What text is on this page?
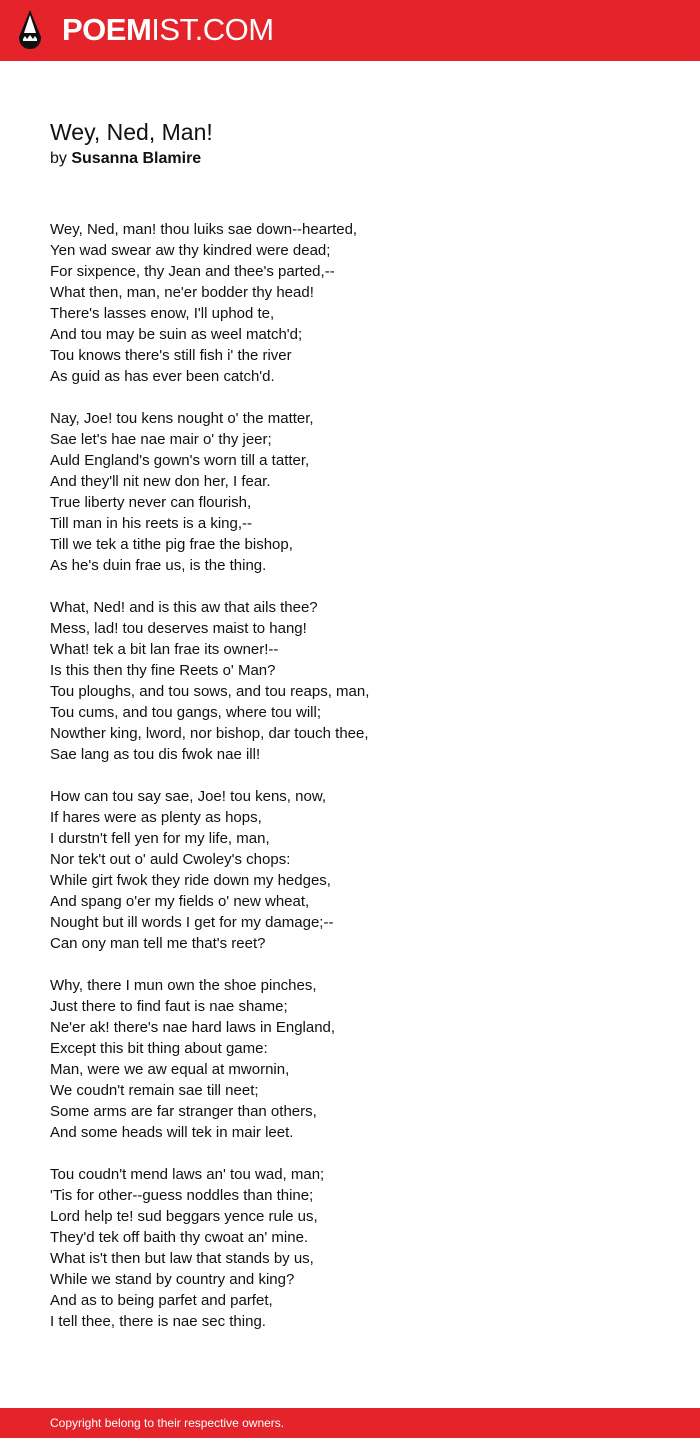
POEMIST.COM
Wey, Ned, Man!
by Susanna Blamire
Wey, Ned, man! thou luiks sae down--hearted,
Yen wad swear aw thy kindred were dead;
For sixpence, thy Jean and thee's parted,--
What then, man, ne'er bodder thy head!
There's lasses enow, I'll uphod te,
And tou may be suin as weel match'd;
Tou knows there's still fish i' the river
As guid as has ever been catch'd.
Nay, Joe! tou kens nought o' the matter,
Sae let's hae nae mair o' thy jeer;
Auld England's gown's worn till a tatter,
And they'll nit new don her, I fear.
True liberty never can flourish,
Till man in his reets is a king,--
Till we tek a tithe pig frae the bishop,
As he's duin frae us, is the thing.
What, Ned! and is this aw that ails thee?
Mess, lad! tou deserves maist to hang!
What! tek a bit lan frae its owner!--
Is this then thy fine Reets o' Man?
Tou ploughs, and tou sows, and tou reaps, man,
Tou cums, and tou gangs, where tou will;
Nowther king, lword, nor bishop, dar touch thee,
Sae lang as tou dis fwok nae ill!
How can tou say sae, Joe! tou kens, now,
If hares were as plenty as hops,
I durstn't fell yen for my life, man,
Nor tek't out o' auld Cwoley's chops:
While girt fwok they ride down my hedges,
And spang o'er my fields o' new wheat,
Nought but ill words I get for my damage;--
Can ony man tell me that's reet?
Why, there I mun own the shoe pinches,
Just there to find faut is nae shame;
Ne'er ak! there's nae hard laws in England,
Except this bit thing about game:
Man, were we aw equal at mwornin,
We coudn't remain sae till neet;
Some arms are far stranger than others,
And some heads will tek in mair leet.
Tou coudn't mend laws an' tou wad, man;
'Tis for other--guess noddles than thine;
Lord help te! sud beggars yence rule us,
They'd tek off baith thy cwoat an' mine.
What is't then but law that stands by us,
While we stand by country and king?
And as to being parfet and parfet,
I tell thee, there is nae sec thing.
Copyright belong to their respective owners.
